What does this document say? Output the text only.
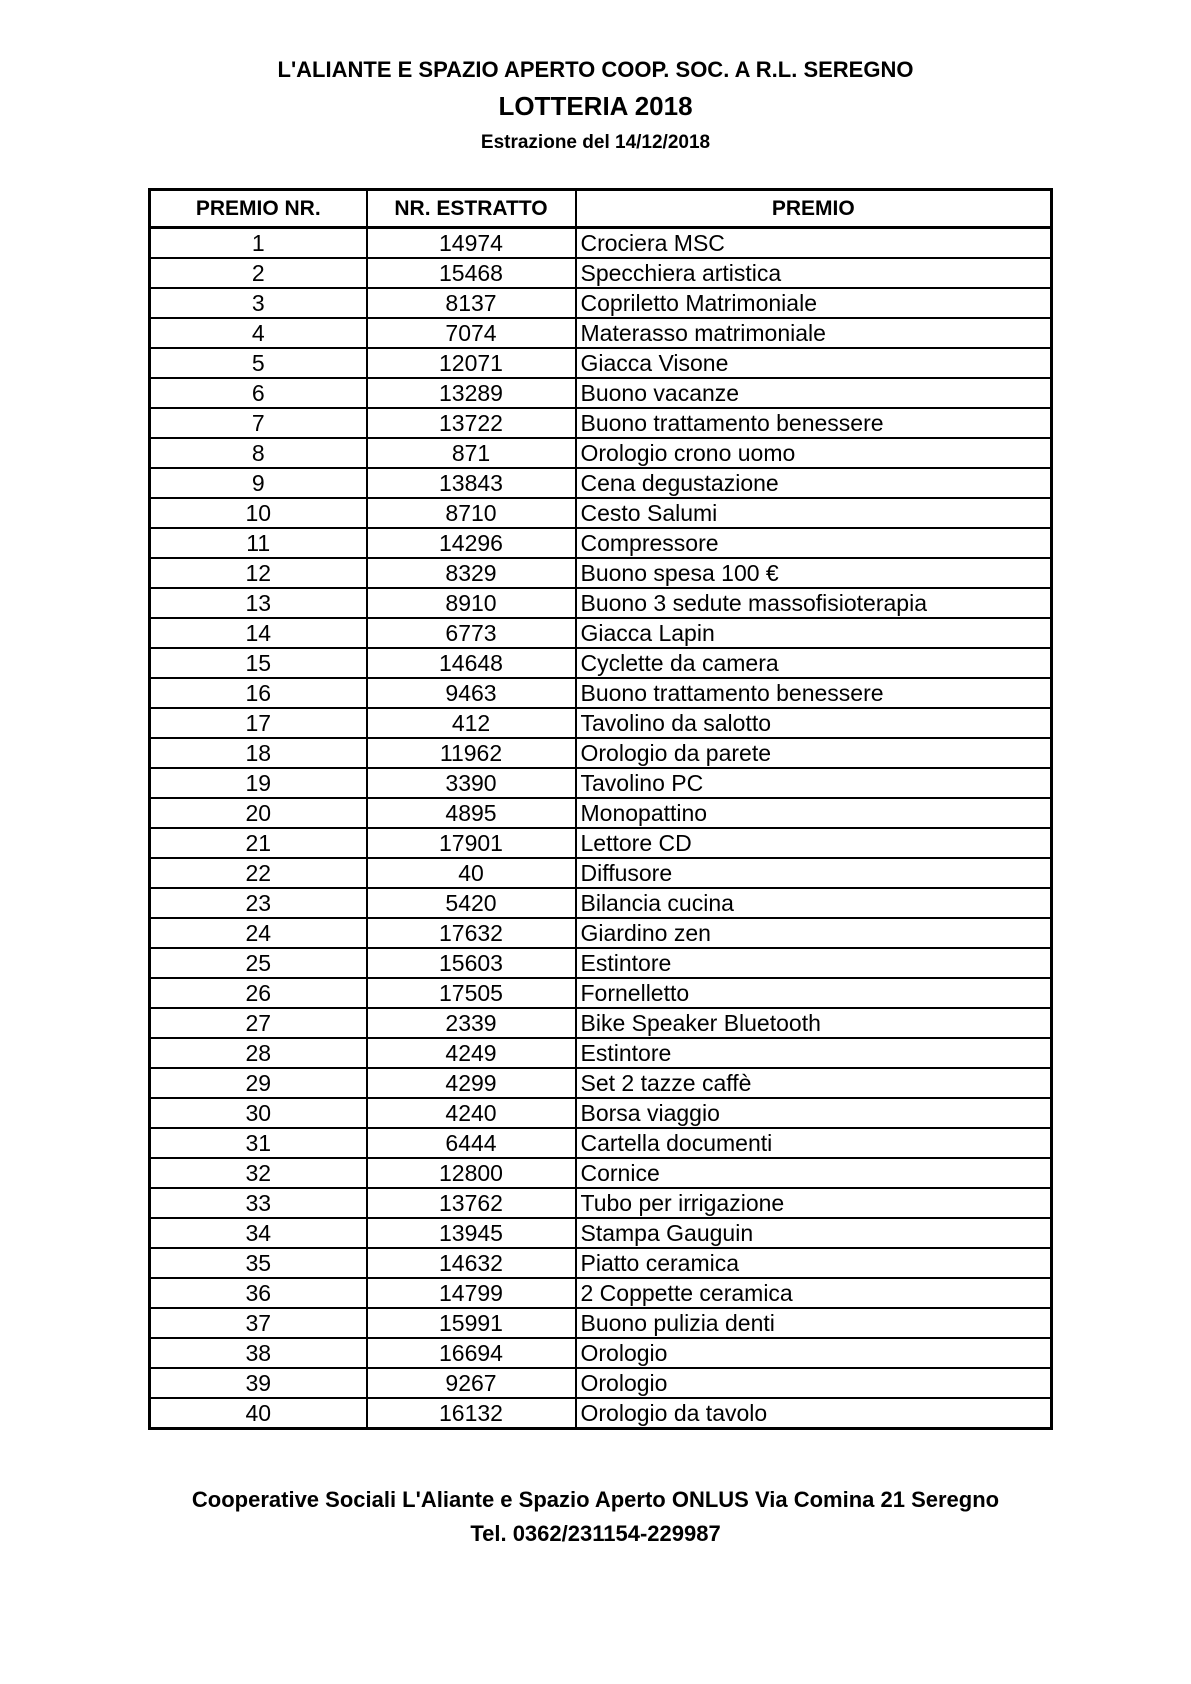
L'ALIANTE E SPAZIO APERTO COOP. SOC. A R.L. SEREGNO
LOTTERIA 2018
Estrazione del 14/12/2018
PREMIO NR.	NR. ESTRATTO	PREMIO
1	14974	Crociera MSC
2	15468	Specchiera artistica
3	8137	Copriletto Matrimoniale
4	7074	Materasso matrimoniale
5	12071	Giacca Visone
6	13289	Buono vacanze
7	13722	Buono trattamento benessere
8	871	Orologio crono uomo
9	13843	Cena degustazione
10	8710	Cesto Salumi
11	14296	Compressore
12	8329	Buono spesa 100 €
13	8910	Buono 3 sedute massofisioterapia
14	6773	Giacca Lapin
15	14648	Cyclette da camera
16	9463	Buono trattamento benessere
17	412	Tavolino da salotto
18	11962	Orologio da parete
19	3390	Tavolino PC
20	4895	Monopattino
21	17901	Lettore CD
22	40	Diffusore
23	5420	Bilancia cucina
24	17632	Giardino zen
25	15603	Estintore
26	17505	Fornelletto
27	2339	Bike Speaker Bluetooth
28	4249	Estintore
29	4299	Set 2 tazze caffè
30	4240	Borsa viaggio
31	6444	Cartella documenti
32	12800	Cornice
33	13762	Tubo per irrigazione
34	13945	Stampa Gauguin
35	14632	Piatto ceramica
36	14799	2 Coppette ceramica
37	15991	Buono pulizia denti
38	16694	Orologio
39	9267	Orologio
40	16132	Orologio da tavolo
Cooperative Sociali L'Aliante e Spazio Aperto ONLUS Via Comina 21 Seregno
Tel. 0362/231154-229987
